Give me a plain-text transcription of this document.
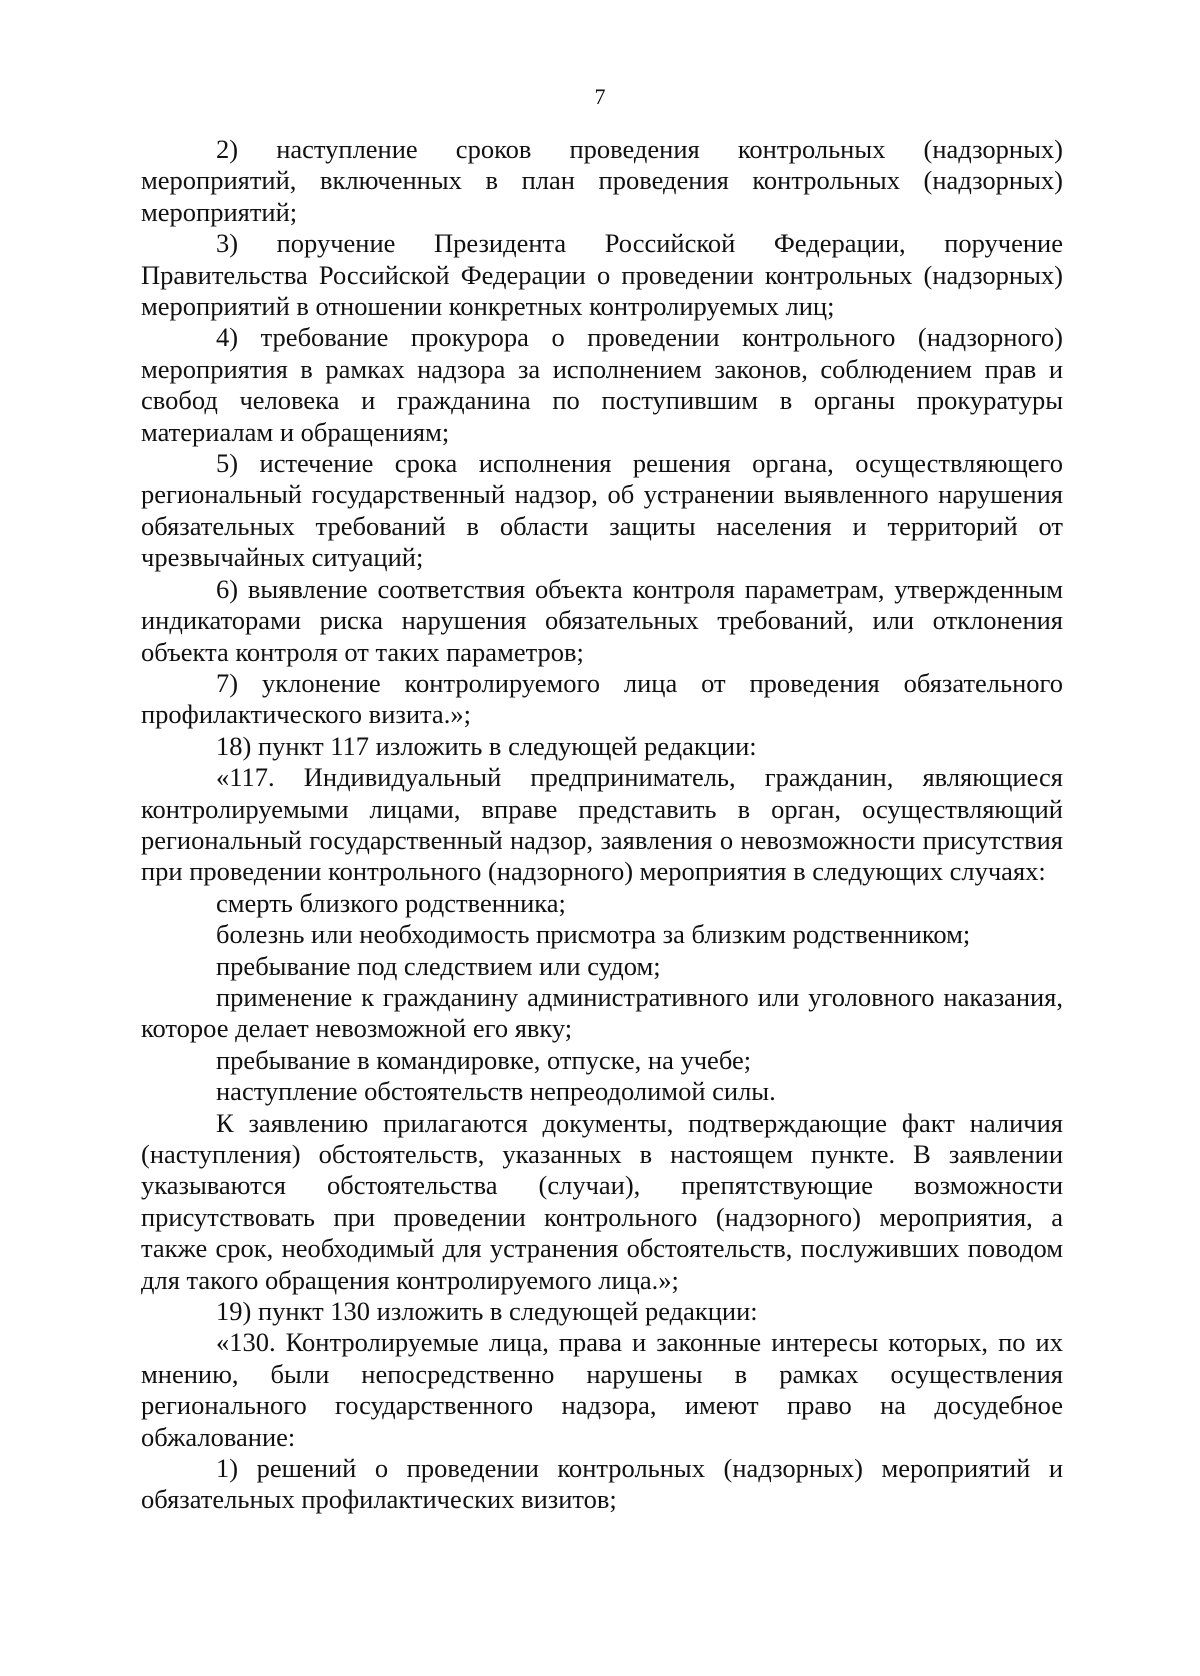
7

2) наступление сроков проведения контрольных (надзорных) мероприятий, включенных в план проведения контрольных (надзорных) мероприятий;

3) поручение Президента Российской Федерации, поручение Правительства Российской Федерации о проведении контрольных (надзорных) мероприятий в отношении конкретных контролируемых лиц;

4) требование прокурора о проведении контрольного (надзорного) мероприятия в рамках надзора за исполнением законов, соблюдением прав и свобод человека и гражданина по поступившим в органы прокуратуры материалам и обращениям;

5) истечение срока исполнения решения органа, осуществляющего региональный государственный надзор, об устранении выявленного нарушения обязательных требований в области защиты населения и территорий от чрезвычайных ситуаций;

6) выявление соответствия объекта контроля параметрам, утвержденным индикаторами риска нарушения обязательных требований, или отклонения объекта контроля от таких параметров;

7) уклонение контролируемого лица от проведения обязательного профилактического визита.»;

18) пункт 117 изложить в следующей редакции:

«117. Индивидуальный предприниматель, гражданин, являющиеся контролируемыми лицами, вправе представить в орган, осуществляющий региональный государственный надзор, заявления о невозможности присутствия при проведении контрольного (надзорного) мероприятия в следующих случаях:

смерть близкого родственника;

болезнь или необходимость присмотра за близким родственником;

пребывание под следствием или судом;

применение к гражданину административного или уголовного наказания, которое делает невозможной его явку;

пребывание в командировке, отпуске, на учебе;

наступление обстоятельств непреодолимой силы.

К заявлению прилагаются документы, подтверждающие факт наличия (наступления) обстоятельств, указанных в настоящем пункте. В заявлении указываются обстоятельства (случаи), препятствующие возможности присутствовать при проведении контрольного (надзорного) мероприятия, а также срок, необходимый для устранения обстоятельств, послуживших поводом для такого обращения контролируемого лица.»;

19) пункт 130 изложить в следующей редакции:

«130. Контролируемые лица, права и законные интересы которых, по их мнению, были непосредственно нарушены в рамках осуществления регионального государственного надзора, имеют право на досудебное обжалование:

1) решений о проведении контрольных (надзорных) мероприятий и обязательных профилактических визитов;
